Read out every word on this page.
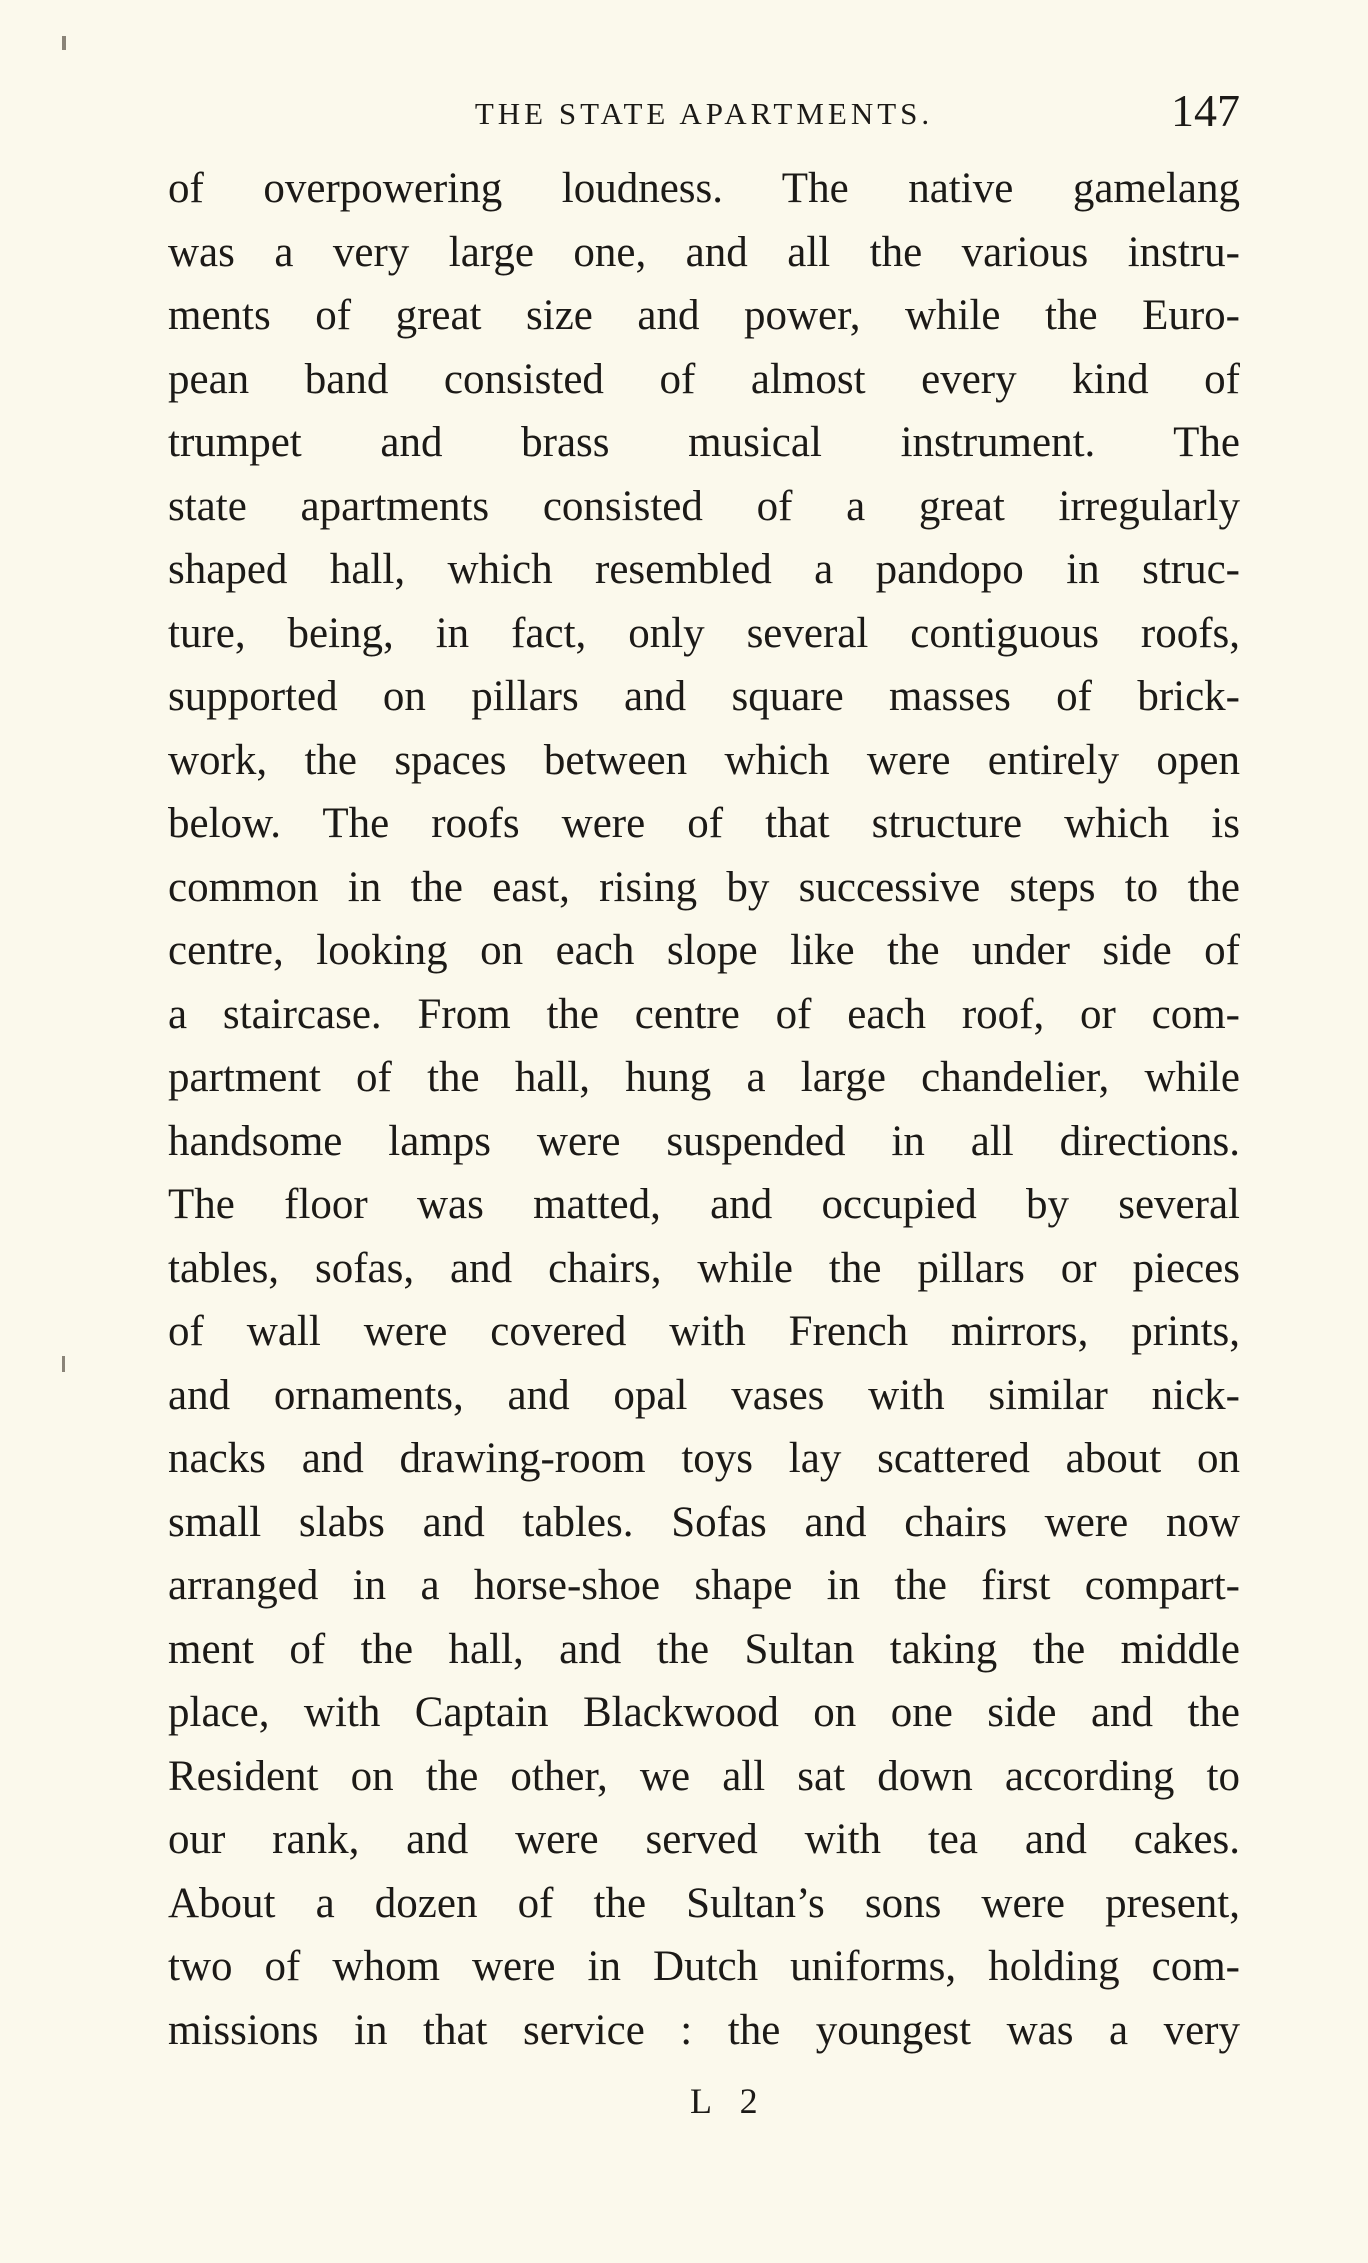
THE STATE APARTMENTS.	147
of overpowering loudness. The native gamelang
was a very large one, and all the various instru-
ments of great size and power, while the Euro-
pean band consisted of almost every kind of
trumpet and brass musical instrument. The
state apartments consisted of a great irregularly
shaped hall, which resembled a pandopo in struc-
ture, being, in fact, only several contiguous roofs,
supported on pillars and square masses of brick-
work, the spaces between which were entirely open
below. The roofs were of that structure which is
common in the east, rising by successive steps to the
centre, looking on each slope like the under side of
a staircase. From the centre of each roof, or com-
partment of the hall, hung a large chandelier, while
handsome lamps were suspended in all directions.
The floor was matted, and occupied by several
tables, sofas, and chairs, while the pillars or pieces
of wall were covered with French mirrors, prints,
and ornaments, and opal vases with similar nick-
nacks and drawing-room toys lay scattered about on
small slabs and tables. Sofas and chairs were now
arranged in a horse-shoe shape in the first compart-
ment of the hall, and the Sultan taking the middle
place, with Captain Blackwood on one side and the
Resident on the other, we all sat down according to
our rank, and were served with tea and cakes.
About a dozen of the Sultan’s sons were present,
two of whom were in Dutch uniforms, holding com-
missions in that service : the youngest was a very
L 2
